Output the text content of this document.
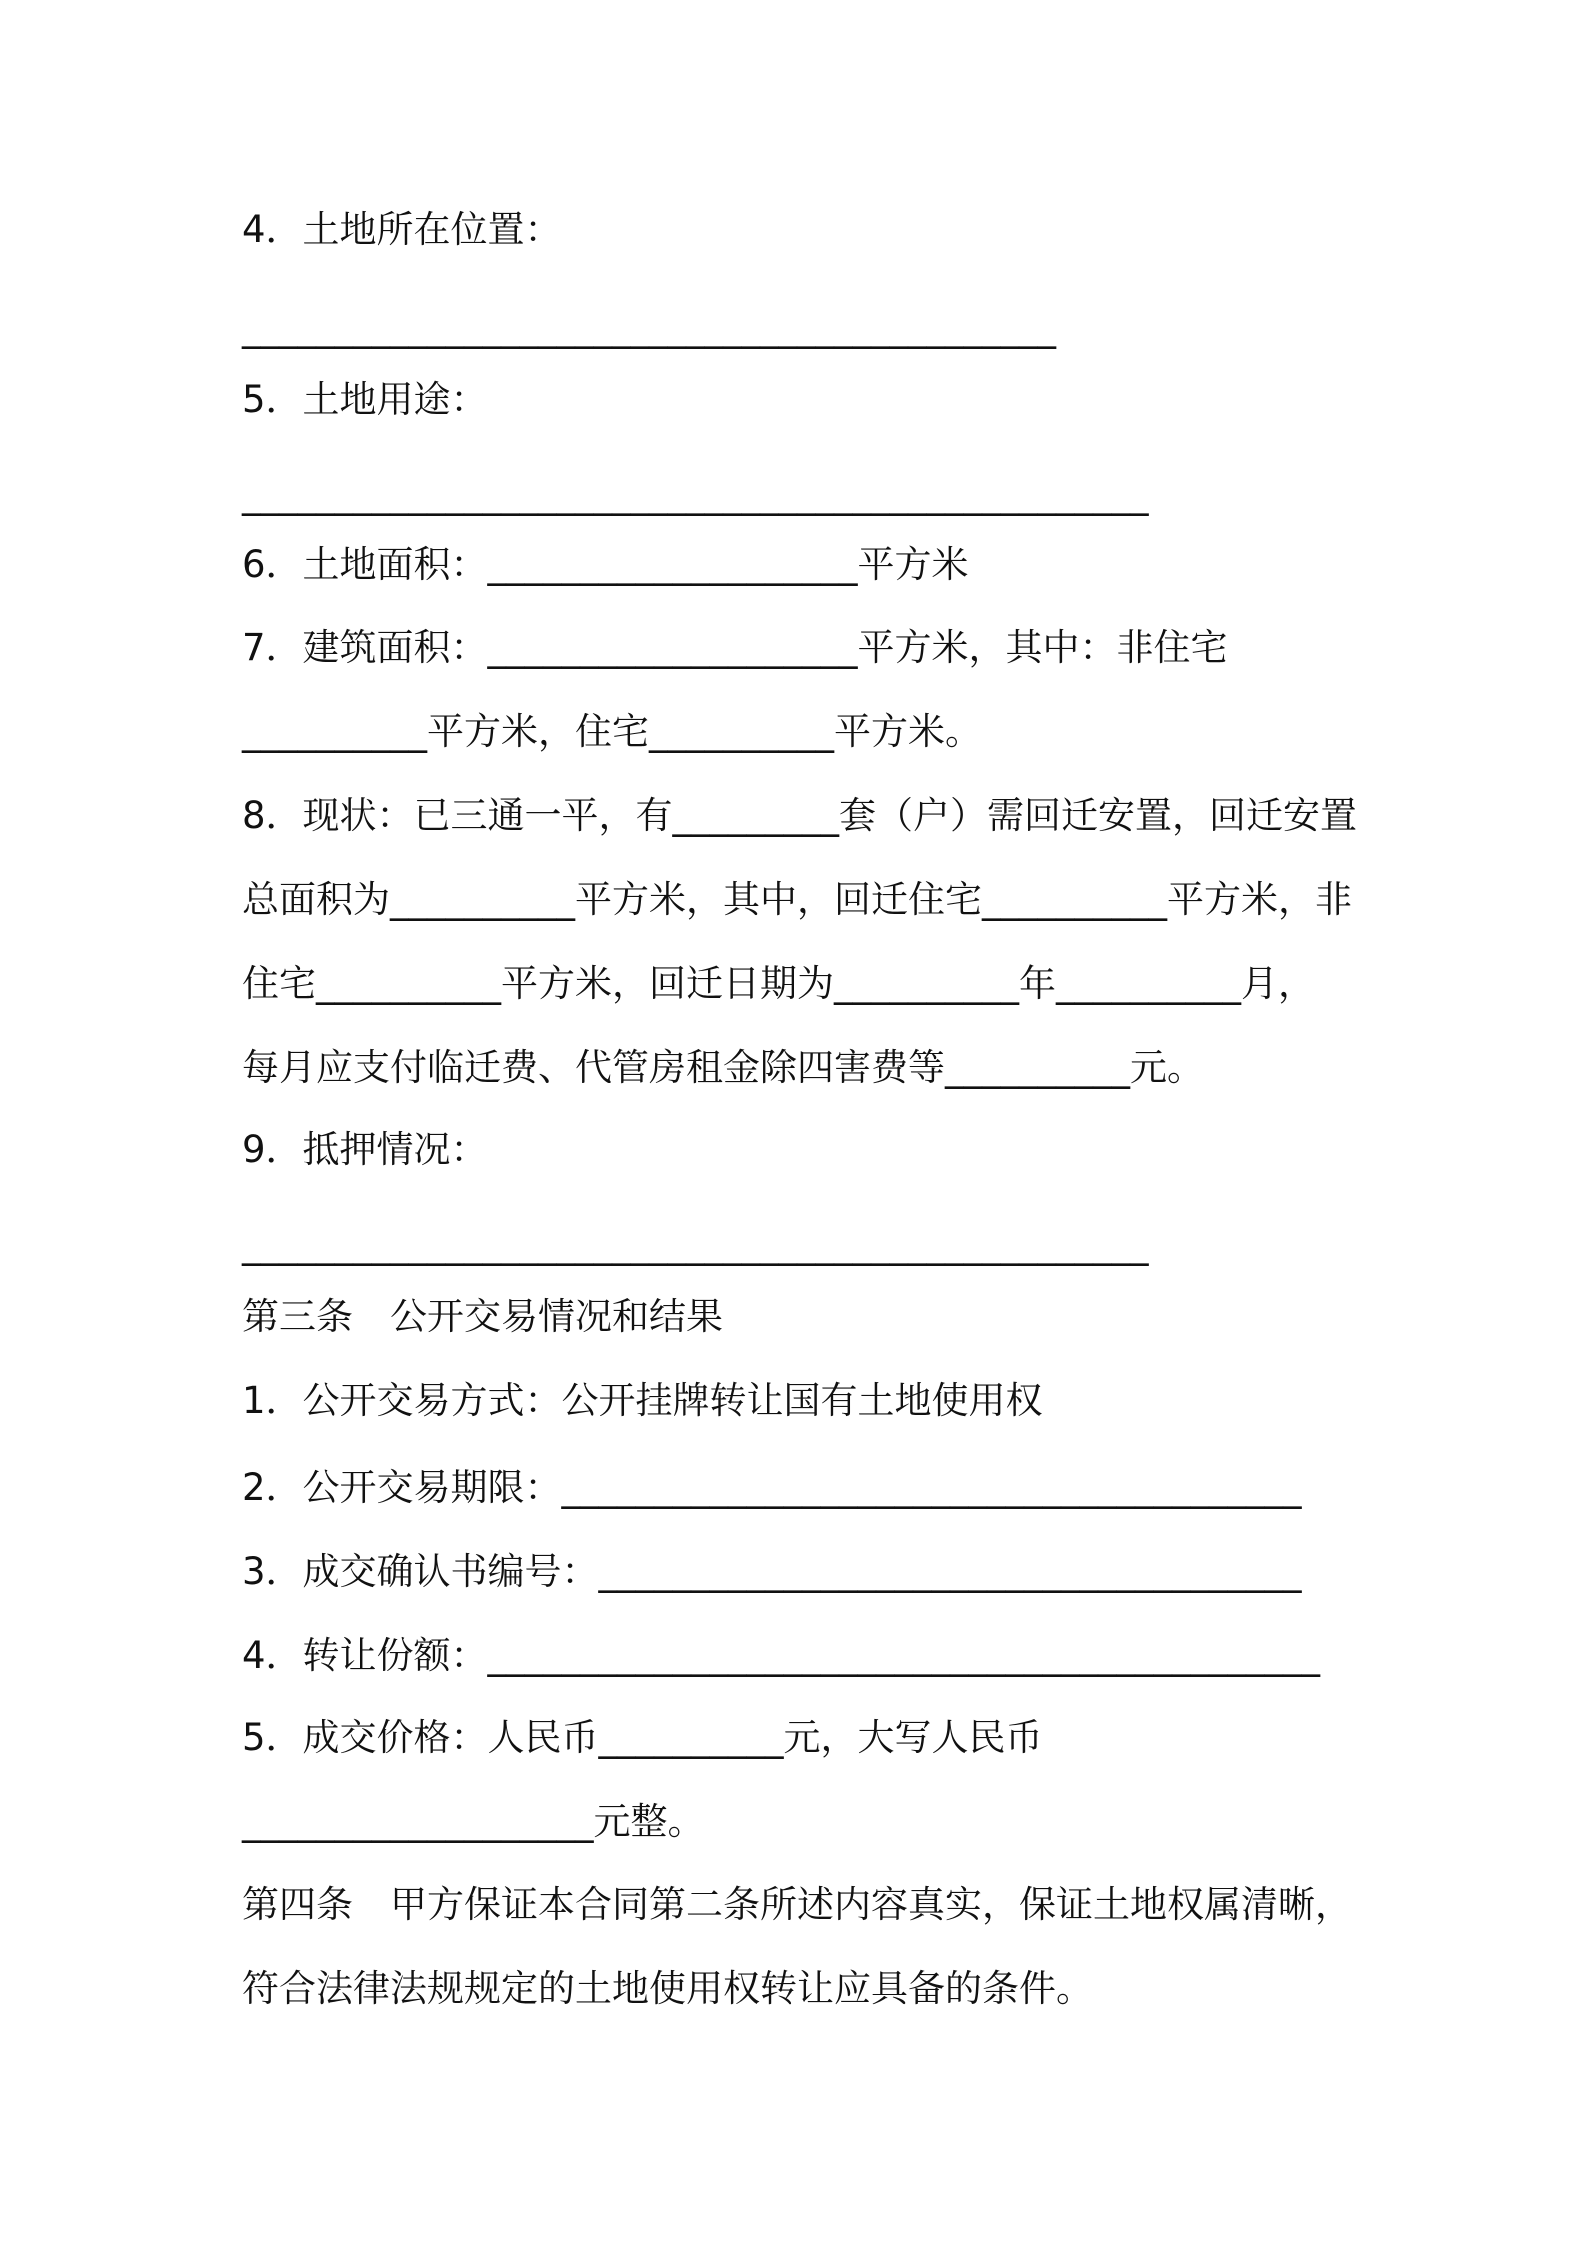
4．土地所在位置：
____________________________________________
5．土地用途：
_________________________________________________
6．土地面积：____________________平方米
7．建筑面积：____________________平方米，其中：非住宅
__________平方米，住宅__________平方米。
8．现状：已三通一平，有_________套（户）需回迁安置，回迁安置
总面积为__________平方米，其中，回迁住宅__________平方米，非
住宅__________平方米，回迁日期为__________年__________月，
每月应支付临迁费、代管房租金除四害费等__________元。
9．抵押情况：
_________________________________________________
第三条　公开交易情况和结果
1．公开交易方式：公开挂牌转让国有土地使用权
2．公开交易期限：________________________________________
3．成交确认书编号：______________________________________
4．转让份额：_____________________________________________
5．成交价格：人民币__________元，大写人民币
___________________元整。
第四条　甲方保证本合同第二条所述内容真实，保证土地权属清晰，
符合法律法规规定的土地使用权转让应具备的条件。
